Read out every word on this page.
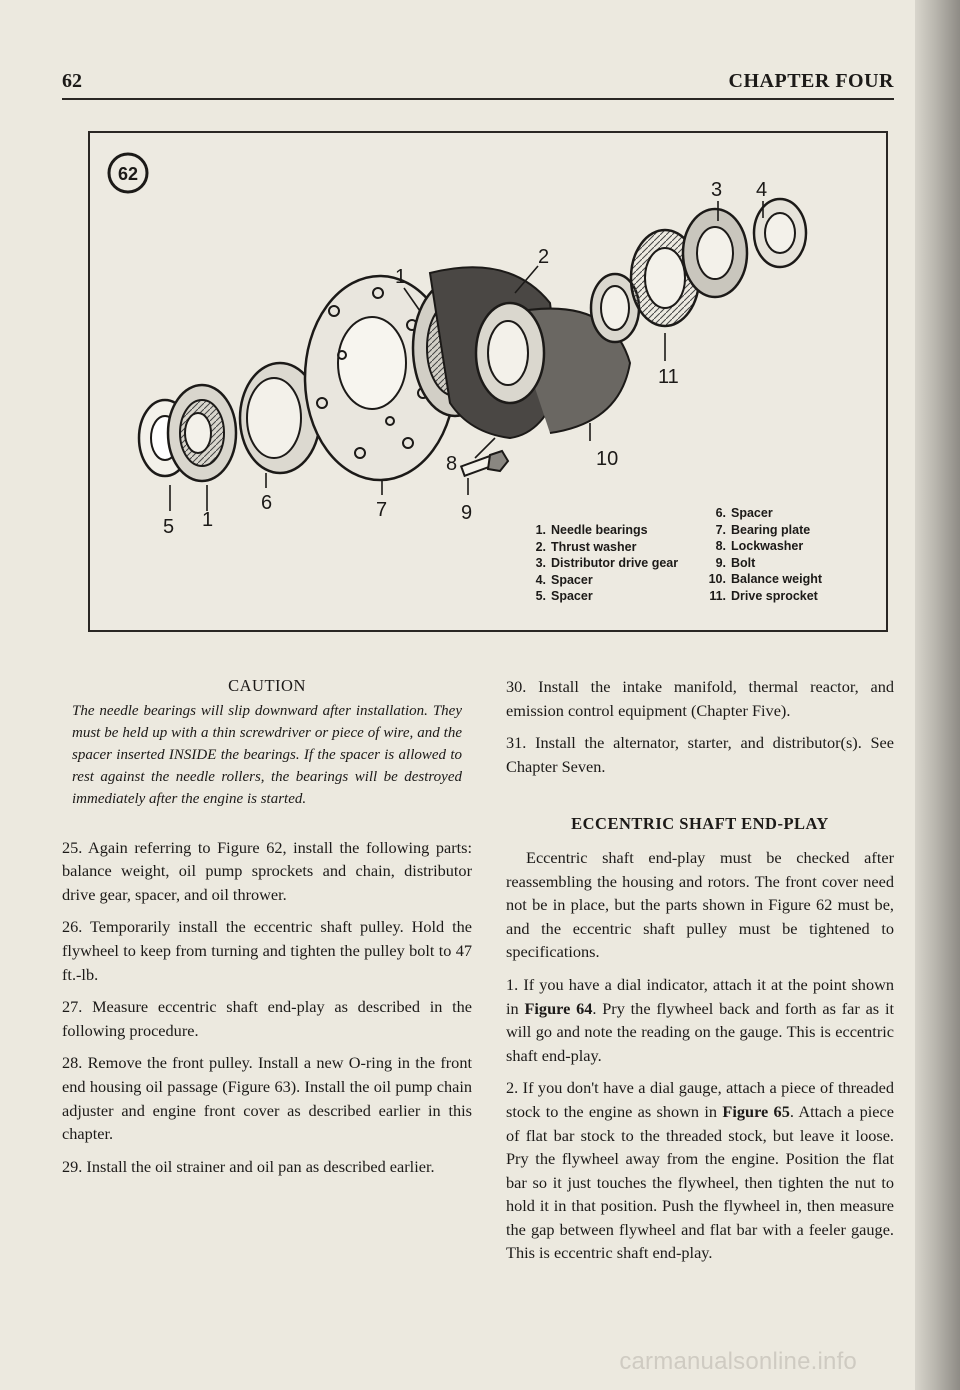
62	CHAPTER FOUR
62
1
2
3 4
5 1
6	7
8
9
10
11
1. Needle bearings
2. Thrust washer
3. Distributor drive gear
4. Spacer
5. Spacer
6. Spacer
7. Bearing plate
8. Lockwasher
9. Bolt
10. Balance weight
11. Drive sprocket
CAUTION
The needle bearings will slip downward after installation. They must be held up with a thin screwdriver or piece of wire, and the spacer inserted INSIDE the bearings. If the spacer is allowed to rest against the needle rollers, the bearings will be destroyed immediately after the engine is started.

25. Again referring to Figure 62, install the following parts: balance weight, oil pump sprockets and chain, distributor drive gear, spacer, and oil thrower.

26. Temporarily install the eccentric shaft pulley. Hold the flywheel to keep from turning and tighten the pulley bolt to 47 ft.-lb.

27. Measure eccentric shaft end-play as described in the following procedure.

28. Remove the front pulley. Install a new O-ring in the front end housing oil passage (Figure 63). Install the oil pump chain adjuster and engine front cover as described earlier in this chapter.

29. Install the oil strainer and oil pan as described earlier.

30. Install the intake manifold, thermal reactor, and emission control equipment (Chapter Five).

31. Install the alternator, starter, and distributor(s). See Chapter Seven.

ECCENTRIC SHAFT END-PLAY

Eccentric shaft end-play must be checked after reassembling the housing and rotors. The front cover need not be in place, but the parts shown in Figure 62 must be, and the eccentric shaft pulley must be tightened to specifications.

1. If you have a dial indicator, attach it at the point shown in Figure 64. Pry the flywheel back and forth as far as it will go and note the reading on the gauge. This is eccentric shaft end-play.

2. If you don't have a dial gauge, attach a piece of threaded stock to the engine as shown in Figure 65. Attach a piece of flat bar stock to the threaded stock, but leave it loose. Pry the flywheel away from the engine. Position the flat bar so it just touches the flywheel, then tighten the nut to hold it in that position. Push the flywheel in, then measure the gap between flywheel and flat bar with a feeler gauge. This is eccentric shaft end-play.

carmanualsonline.info
